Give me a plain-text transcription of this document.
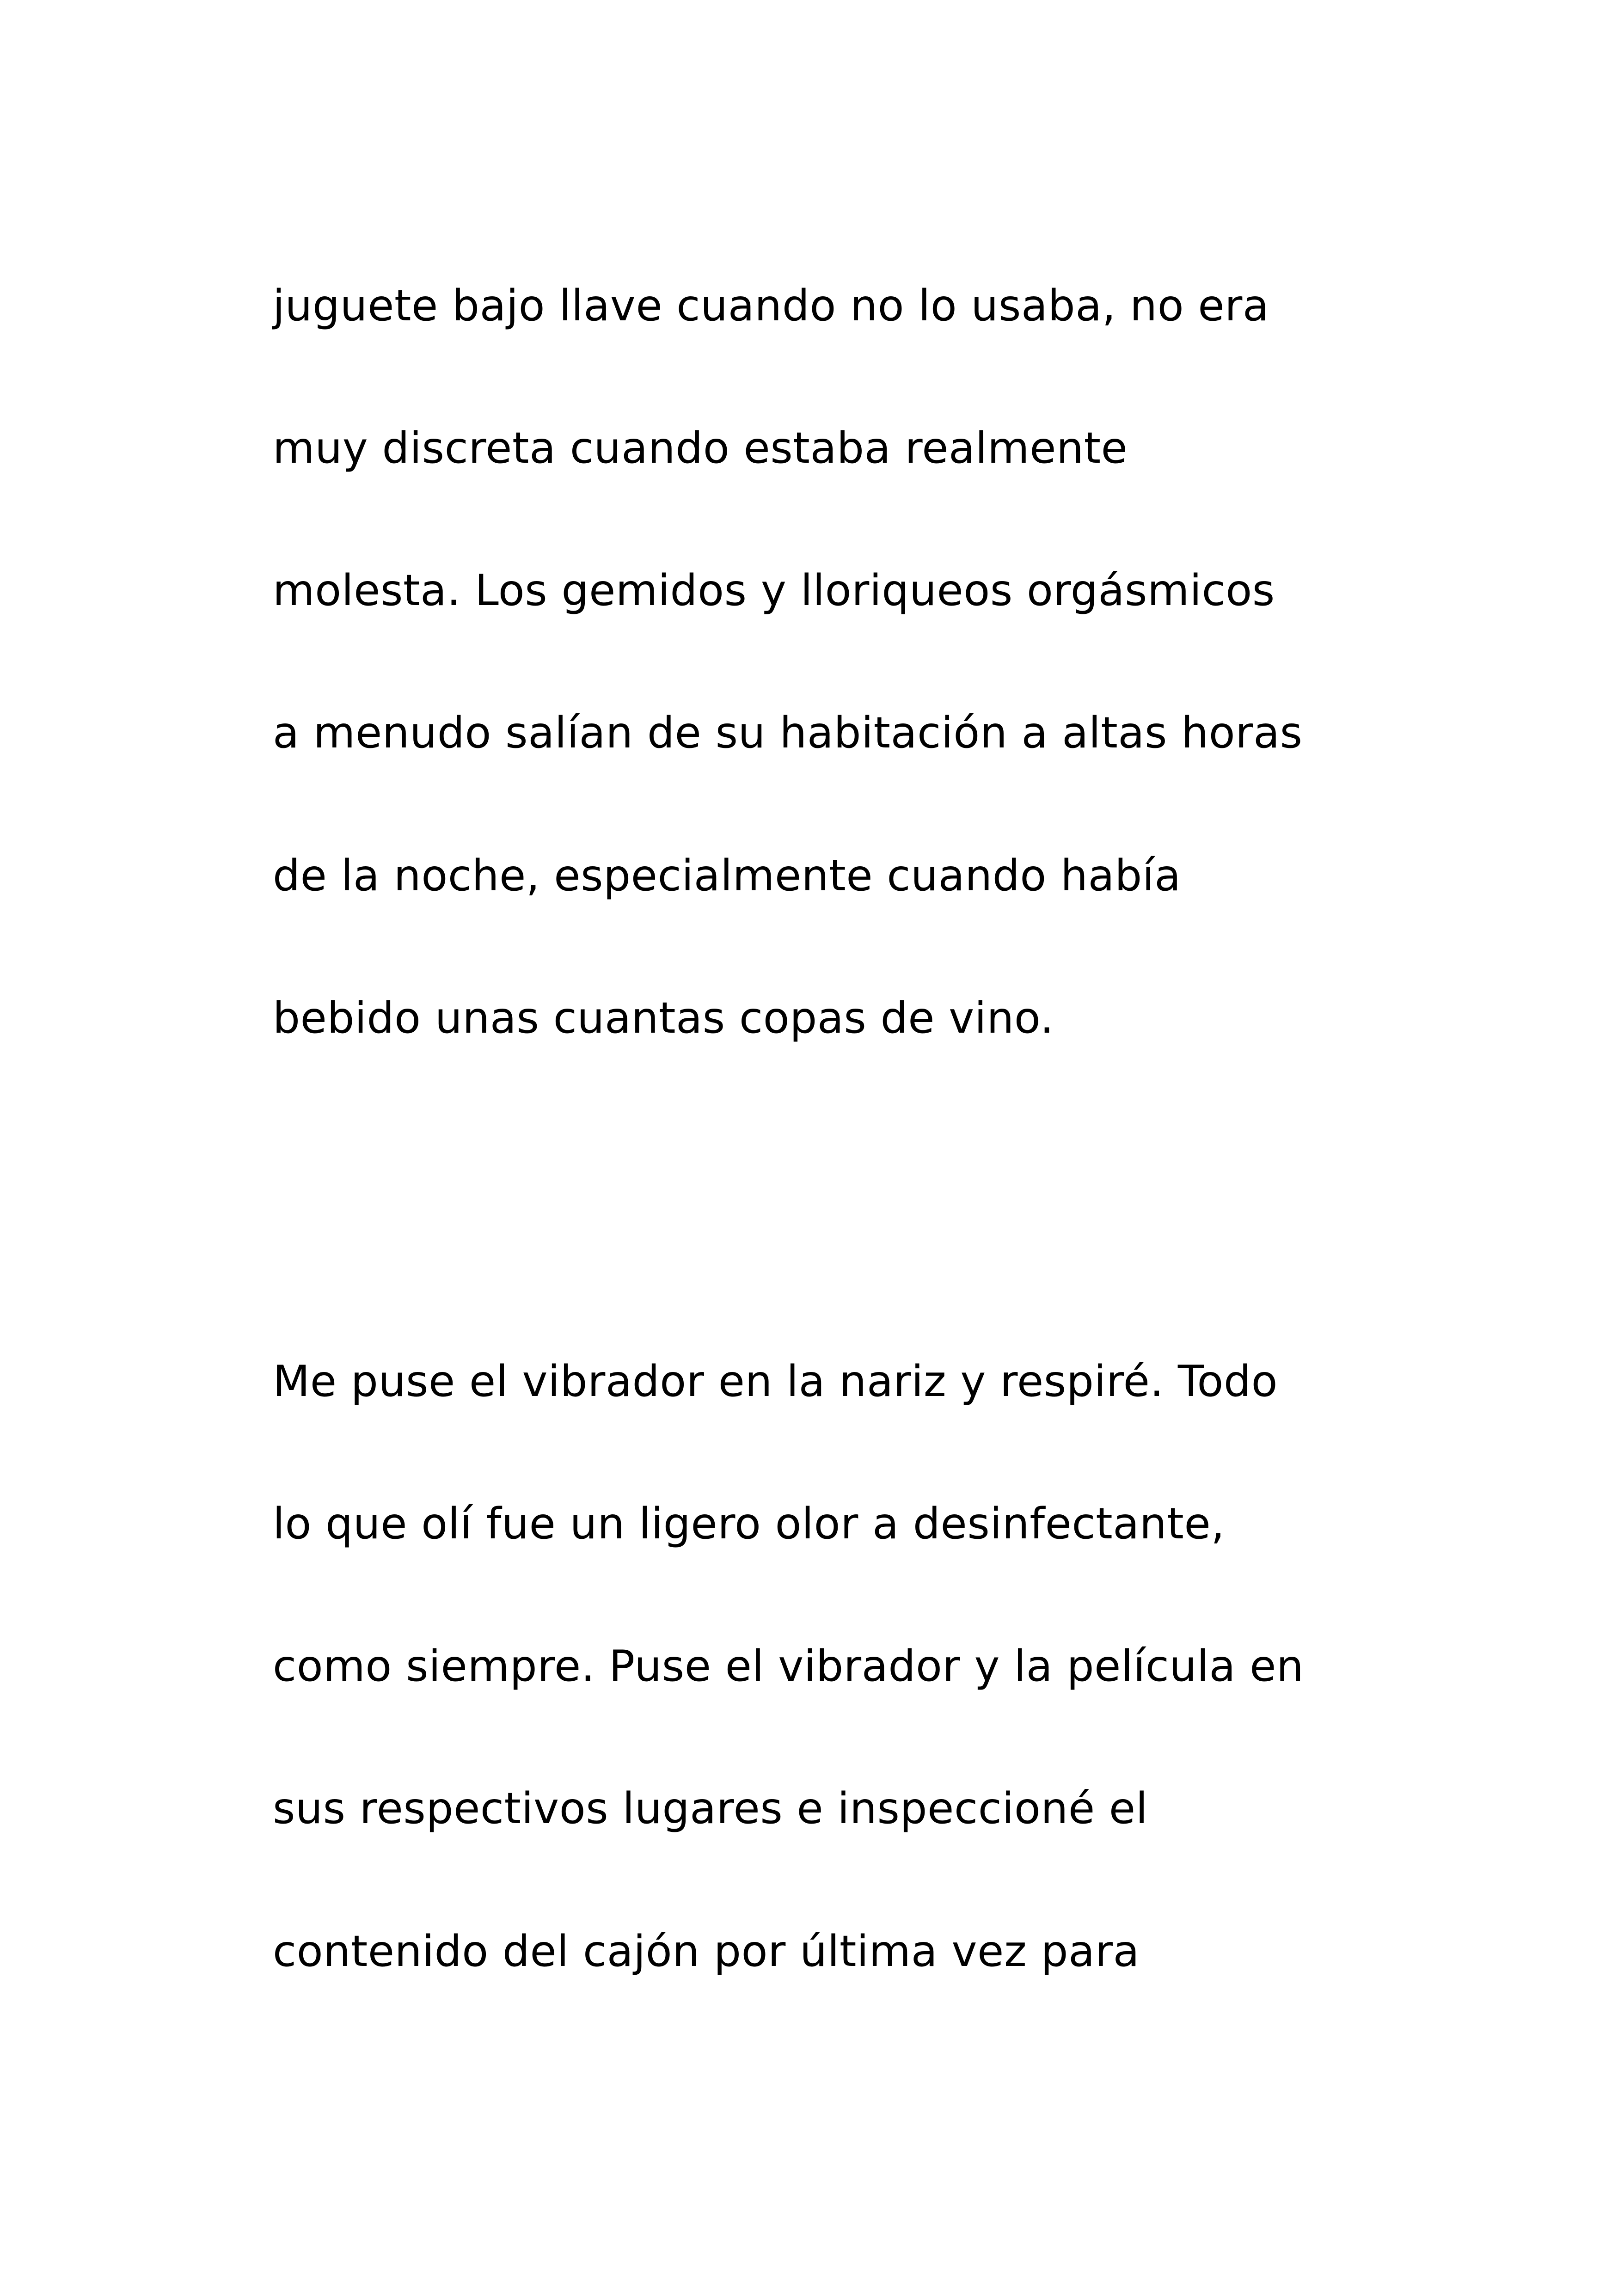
juguete bajo llave cuando no lo usaba, no era

muy discreta cuando estaba realmente

molesta. Los gemidos y lloriqueos orgásmicos

a menudo salían de su habitación a altas horas

de la noche, especialmente cuando había

bebido unas cuantas copas de vino.

Me puse el vibrador en la nariz y respiré. Todo

lo que olí fue un ligero olor a desinfectante,

como siempre. Puse el vibrador y la película en

sus respectivos lugares e inspeccioné el

contenido del cajón por última vez para
